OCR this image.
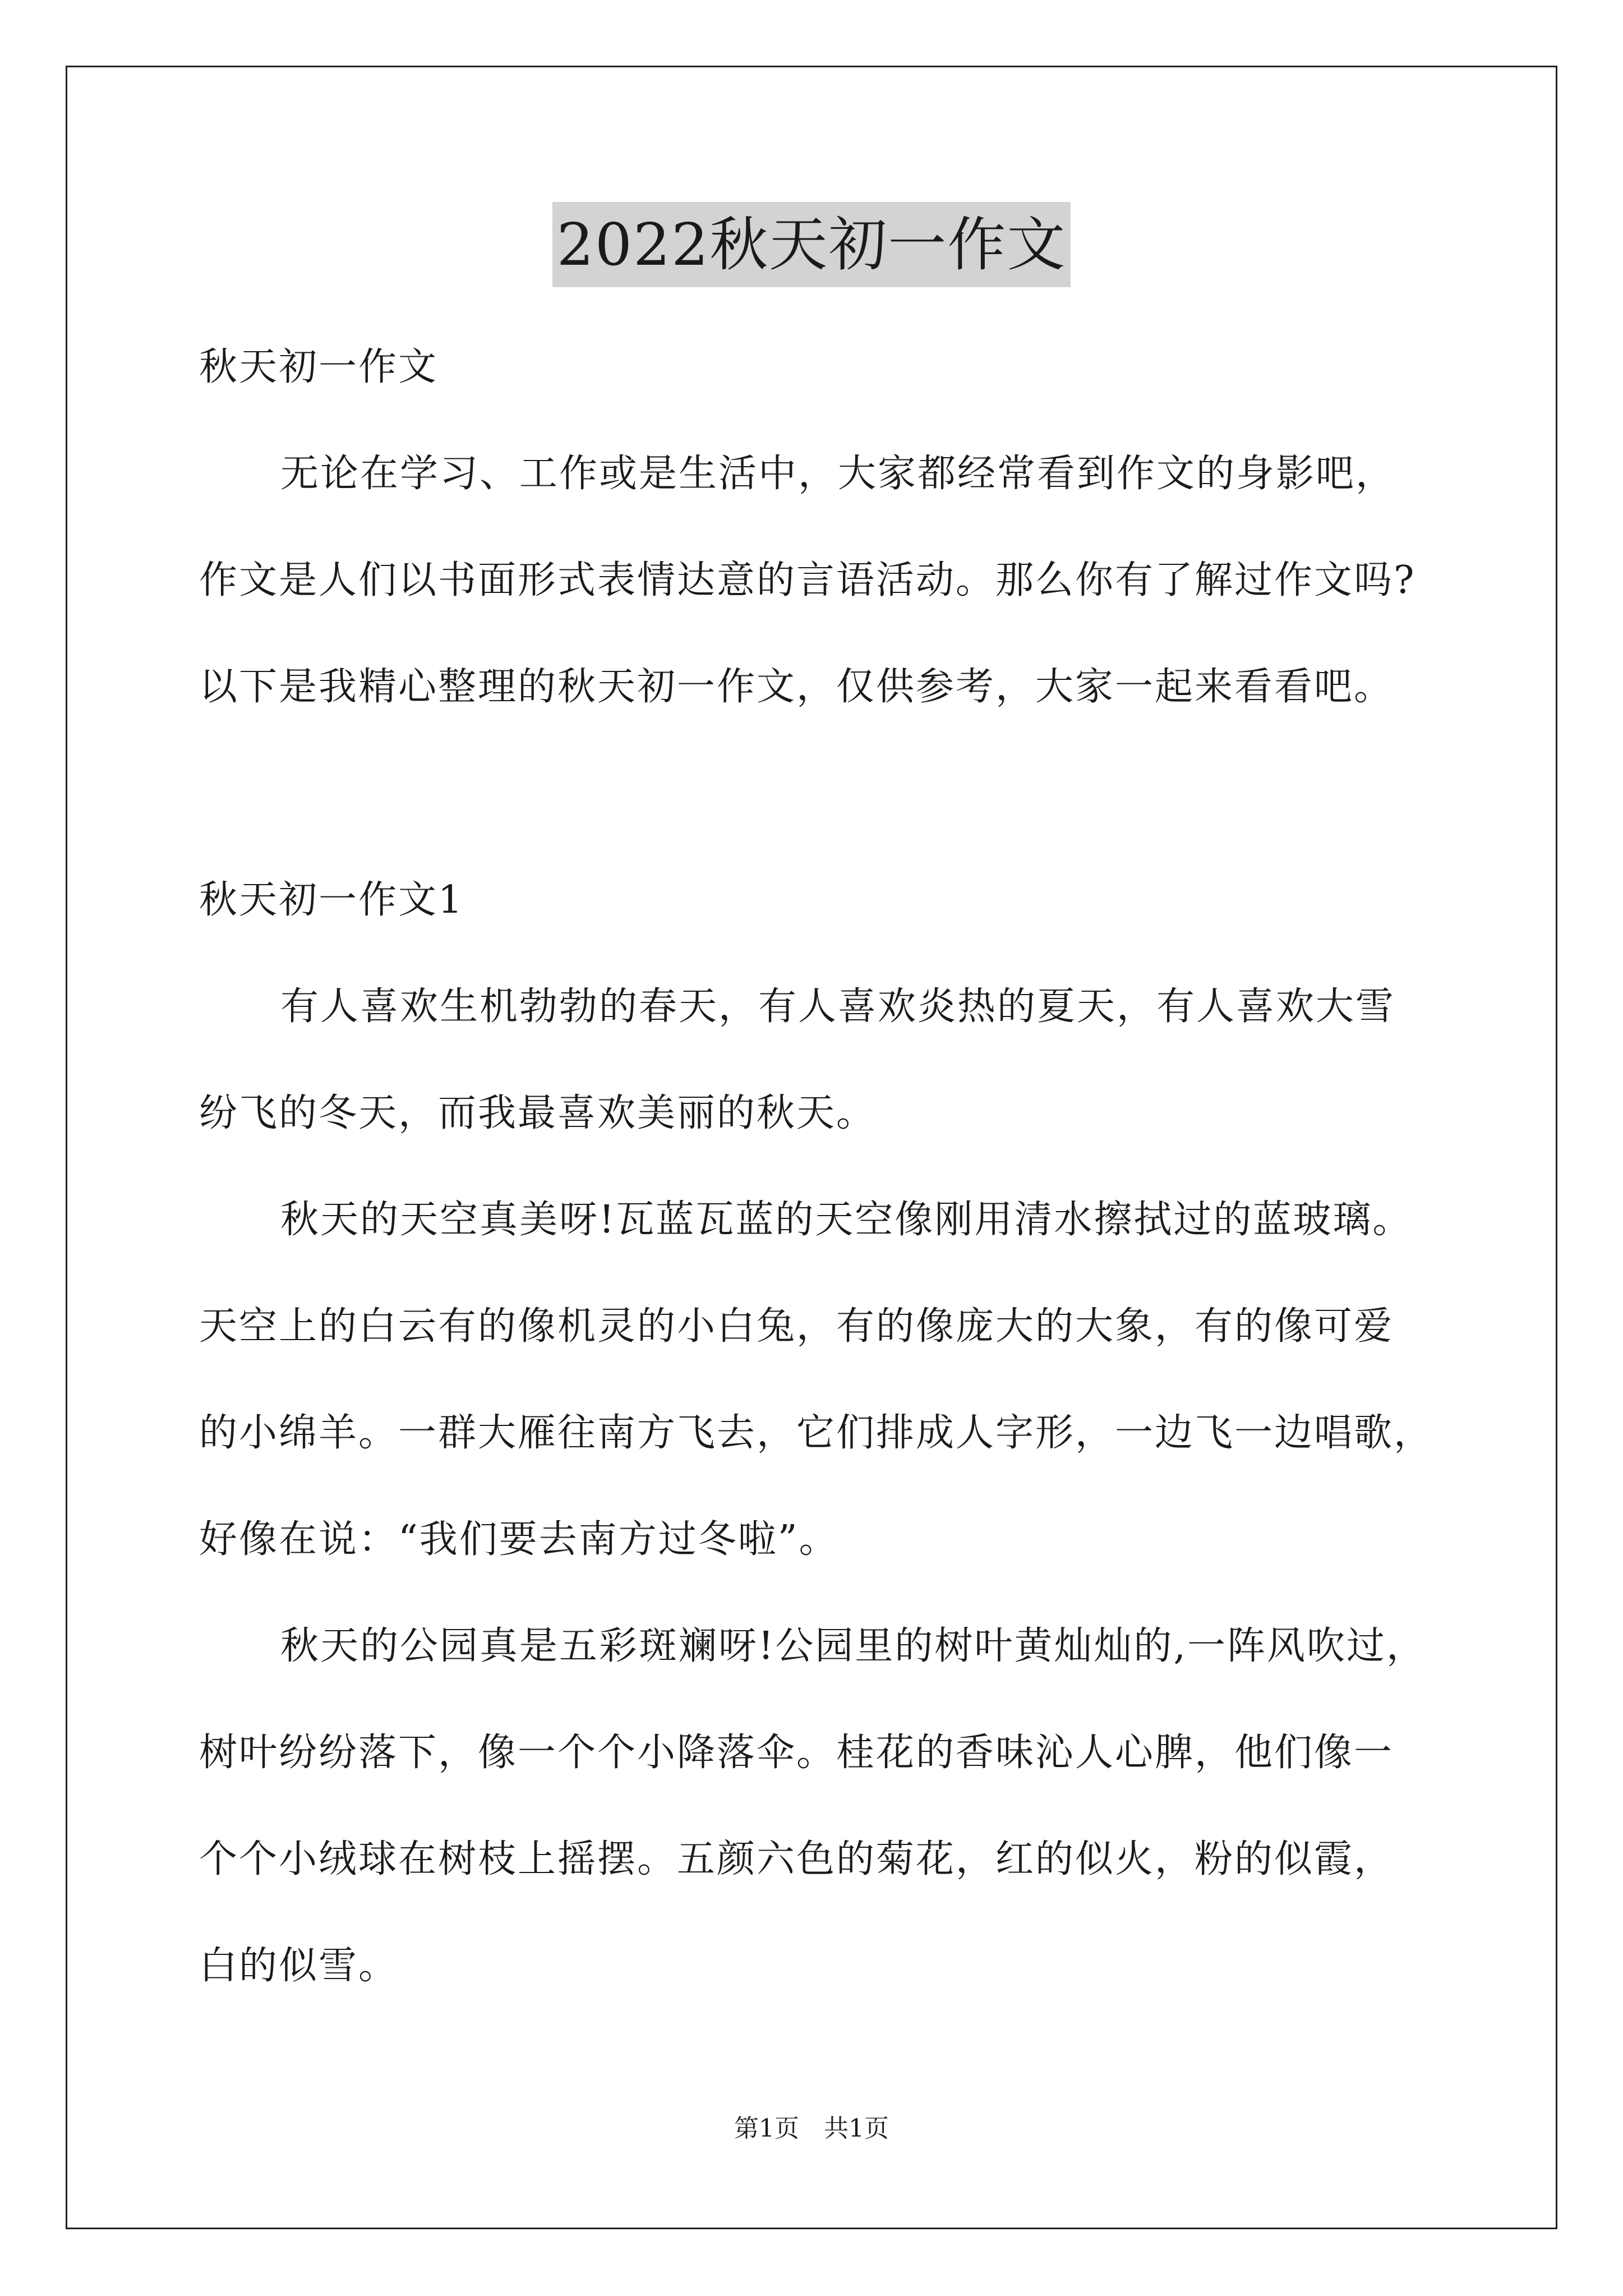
2022秋天初一作文
秋天初一作文
无论在学习、工作或是生活中，大家都经常看到作文的身影吧，
作文是人们以书面形式表情达意的言语活动。那么你有了解过作文吗?
以下是我精心整理的秋天初一作文，仅供参考，大家一起来看看吧。
秋天初一作文1
有人喜欢生机勃勃的春天，有人喜欢炎热的夏天，有人喜欢大雪
纷飞的冬天，而我最喜欢美丽的秋天。
秋天的天空真美呀!瓦蓝瓦蓝的天空像刚用清水擦拭过的蓝玻璃。
天空上的白云有的像机灵的小白兔，有的像庞大的大象，有的像可爱
的小绵羊。一群大雁往南方飞去，它们排成人字形，一边飞一边唱歌，
好像在说：“我们要去南方过冬啦”。
秋天的公园真是五彩斑斓呀!公园里的树叶黄灿灿的,一阵风吹过，
树叶纷纷落下，像一个个小降落伞。桂花的香味沁人心脾，他们像一
个个小绒球在树枝上摇摆。五颜六色的菊花，红的似火，粉的似霞，
白的似雪。
第1页 共1页
